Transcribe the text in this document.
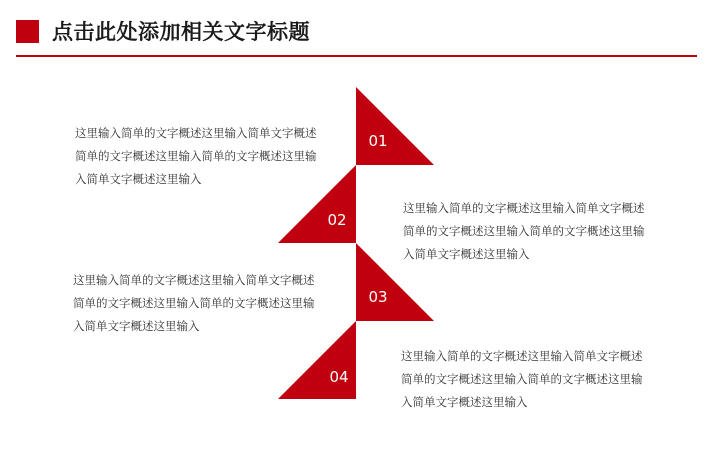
点击此处添加相关文字标题
01
02
03
04
这里输入简单的文字概述这里输入简单文字概述简单的文字概述这里输入简单的文字概述这里输入简单文字概述这里输入
这里输入简单的文字概述这里输入简单文字概述简单的文字概述这里输入简单的文字概述这里输入简单文字概述这里输入
这里输入简单的文字概述这里输入简单文字概述简单的文字概述这里输入简单的文字概述这里输入简单文字概述这里输入
这里输入简单的文字概述这里输入简单文字概述简单的文字概述这里输入简单的文字概述这里输入简单文字概述这里输入
